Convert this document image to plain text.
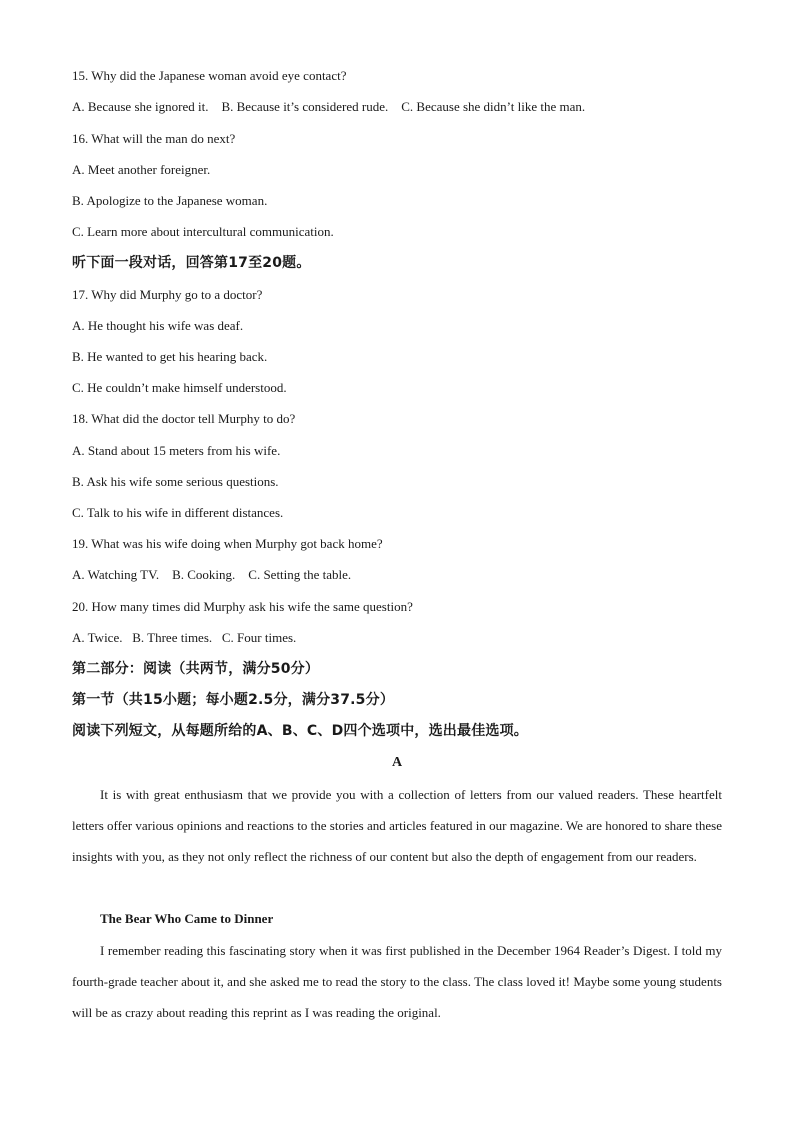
15. Why did the Japanese woman avoid eye contact?
A. Because she ignored it.    B. Because it’s considered rude.    C. Because she didn’t like the man.
16. What will the man do next?
A. Meet another foreigner.
B. Apologize to the Japanese woman.
C. Learn more about intercultural communication.
听下面一段对话，回答第17至20题。
17. Why did Murphy go to a doctor?
A. He thought his wife was deaf.
B. He wanted to get his hearing back.
C. He couldn’t make himself understood.
18. What did the doctor tell Murphy to do?
A. Stand about 15 meters from his wife.
B. Ask his wife some serious questions.
C. Talk to his wife in different distances.
19. What was his wife doing when Murphy got back home?
A. Watching TV.    B. Cooking.    C. Setting the table.
20. How many times did Murphy ask his wife the same question?
A. Twice.   B. Three times.   C. Four times.
第二部分：阅读（共两节，满分50分）
第一节（共15小题；每小题2.5分，满分37.5分）
阅读下列短文，从每题所给的A、B、C、D四个选项中，选出最佳选项。
A
It is with great enthusiasm that we provide you with a collection of letters from our valued readers. These heartfelt letters offer various opinions and reactions to the stories and articles featured in our magazine. We are honored to share these insights with you, as they not only reflect the richness of our content but also the depth of engagement from our readers.
The Bear Who Came to Dinner
I remember reading this fascinating story when it was first published in the December 1964 Reader’s Digest. I told my fourth-grade teacher about it, and she asked me to read the story to the class. The class loved it! Maybe some young students will be as crazy about reading this reprint as I was reading the original.
